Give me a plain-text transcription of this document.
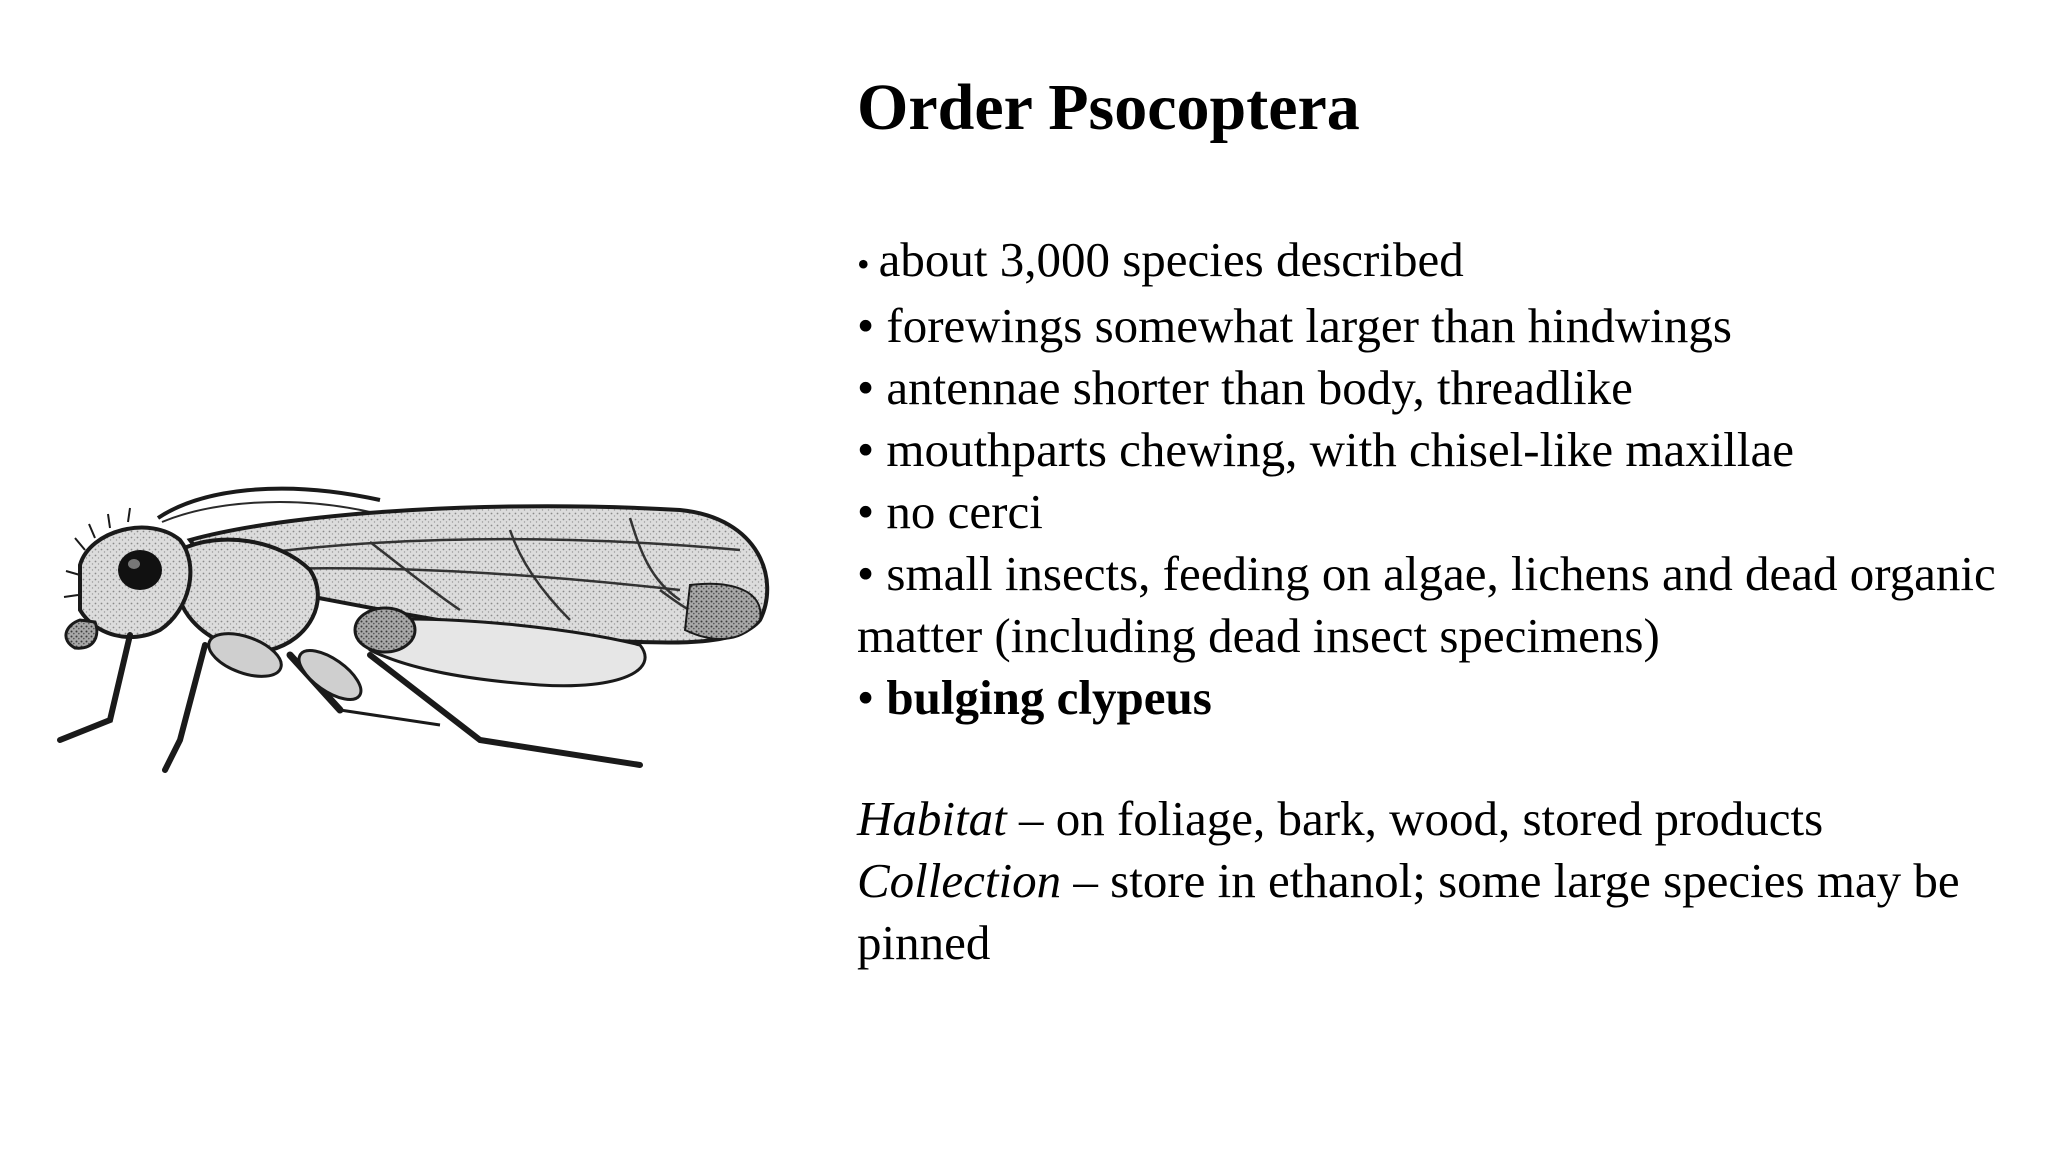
Order Psocoptera
• about 3,000 species described
• forewings somewhat larger than hindwings
• antennae shorter than body, threadlike
• mouthparts chewing, with chisel-like maxillae
• no cerci
• small insects, feeding on algae, lichens and dead organic matter (including dead insect specimens)
• bulging clypeus

Habitat – on foliage, bark, wood, stored products

Collection – store in ethanol; some large species may be pinned
